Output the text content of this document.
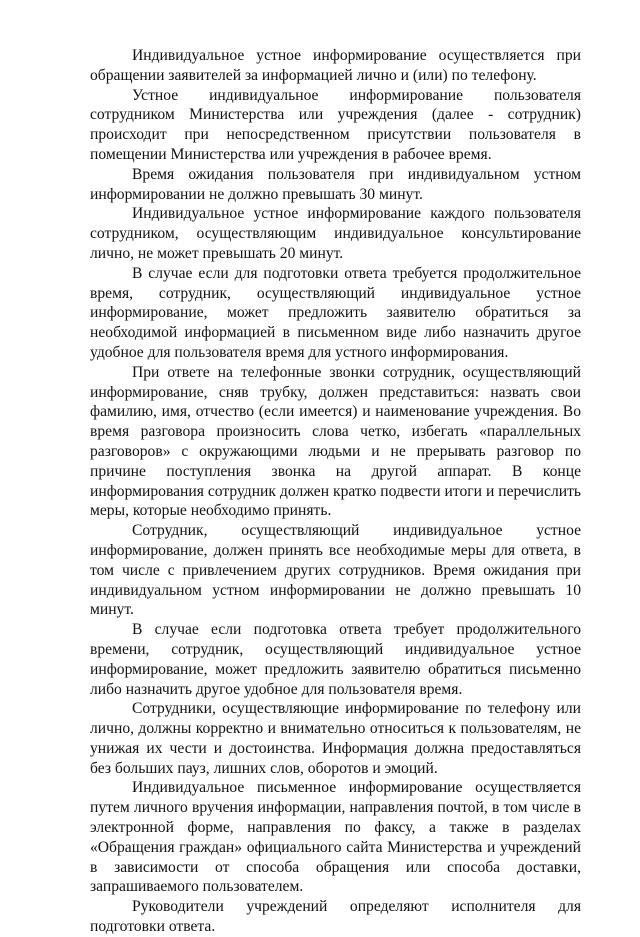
Индивидуальное устное информирование осуществляется при обращении заявителей за информацией лично и (или) по телефону.

Устное индивидуальное информирование пользователя сотрудником Министерства или учреждения (далее - сотрудник) происходит при непосредственном присутствии пользователя в помещении Министерства или учреждения в рабочее время.

Время ожидания пользователя при индивидуальном устном информировании не должно превышать 30 минут.

Индивидуальное устное информирование каждого пользователя сотрудником, осуществляющим индивидуальное консультирование лично, не может превышать 20 минут.

В случае если для подготовки ответа требуется продолжительное время, сотрудник, осуществляющий индивидуальное устное информирование, может предложить заявителю обратиться за необходимой информацией в письменном виде либо назначить другое удобное для пользователя время для устного информирования.

При ответе на телефонные звонки сотрудник, осуществляющий информирование, сняв трубку, должен представиться: назвать свои фамилию, имя, отчество (если имеется) и наименование учреждения. Во время разговора произносить слова четко, избегать «параллельных разговоров» с окружающими людьми и не прерывать разговор по причине поступления звонка на другой аппарат. В конце информирования сотрудник должен кратко подвести итоги и перечислить меры, которые необходимо принять.

Сотрудник, осуществляющий индивидуальное устное информирование, должен принять все необходимые меры для ответа, в том числе с привлечением других сотрудников. Время ожидания при индивидуальном устном информировании не должно превышать 10 минут.

В случае если подготовка ответа требует продолжительного времени, сотрудник, осуществляющий индивидуальное устное информирование, может предложить заявителю обратиться письменно либо назначить другое удобное для пользователя время.

Сотрудники, осуществляющие информирование по телефону или лично, должны корректно и внимательно относиться к пользователям, не унижая их чести и достоинства. Информация должна предоставляться без больших пауз, лишних слов, оборотов и эмоций.

Индивидуальное письменное информирование осуществляется путем личного вручения информации, направления почтой, в том числе в электронной форме, направления по факсу, а также в разделах «Обращения граждан» официального сайта Министерства и учреждений в зависимости от способа обращения или способа доставки, запрашиваемого пользователем.

Руководители учреждений определяют исполнителя для подготовки ответа.
